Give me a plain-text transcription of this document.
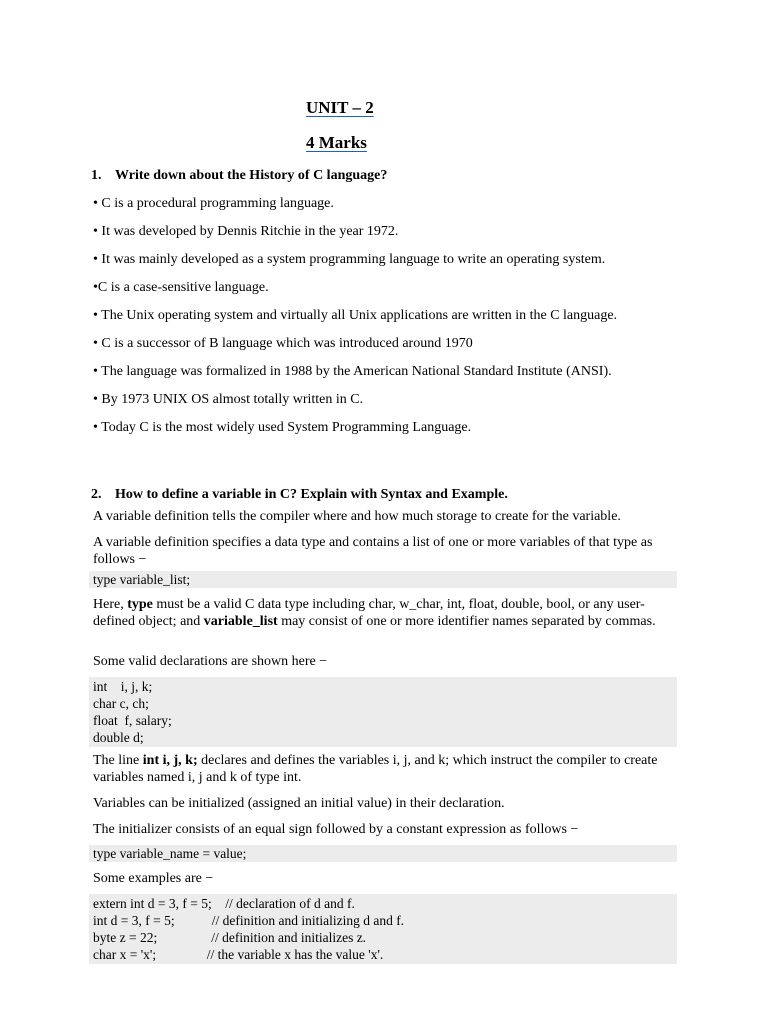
UNIT – 2
4 Marks
1. Write down about the History of C language?
• C is a procedural programming language.
• It was developed by Dennis Ritchie in the year 1972.
• It was mainly developed as a system programming language to write an operating system.
•C is a case-sensitive language.
• The Unix operating system and virtually all Unix applications are written in the C language.
• C is a successor of B language which was introduced around 1970
• The language was formalized in 1988 by the American National Standard Institute (ANSI).
• By 1973 UNIX OS almost totally written in C.
• Today C is the most widely used System Programming Language.
2. How to define a variable in C? Explain with Syntax and Example.
A variable definition tells the compiler where and how much storage to create for the variable.
A variable definition specifies a data type and contains a list of one or more variables of that type as follows −
type variable_list;
Here, type must be a valid C data type including char, w_char, int, float, double, bool, or any user-defined object; and variable_list may consist of one or more identifier names separated by commas.
Some valid declarations are shown here −
int    i, j, k;
char c, ch;
float  f, salary;
double d;
The line int i, j, k; declares and defines the variables i, j, and k; which instruct the compiler to create variables named i, j and k of type int.
Variables can be initialized (assigned an initial value) in their declaration.
The initializer consists of an equal sign followed by a constant expression as follows −
type variable_name = value;
Some examples are −
extern int d = 3, f = 5;    // declaration of d and f.
int d = 3, f = 5;           // definition and initializing d and f.
byte z = 22;                // definition and initializes z.
char x = 'x';               // the variable x has the value 'x'.
